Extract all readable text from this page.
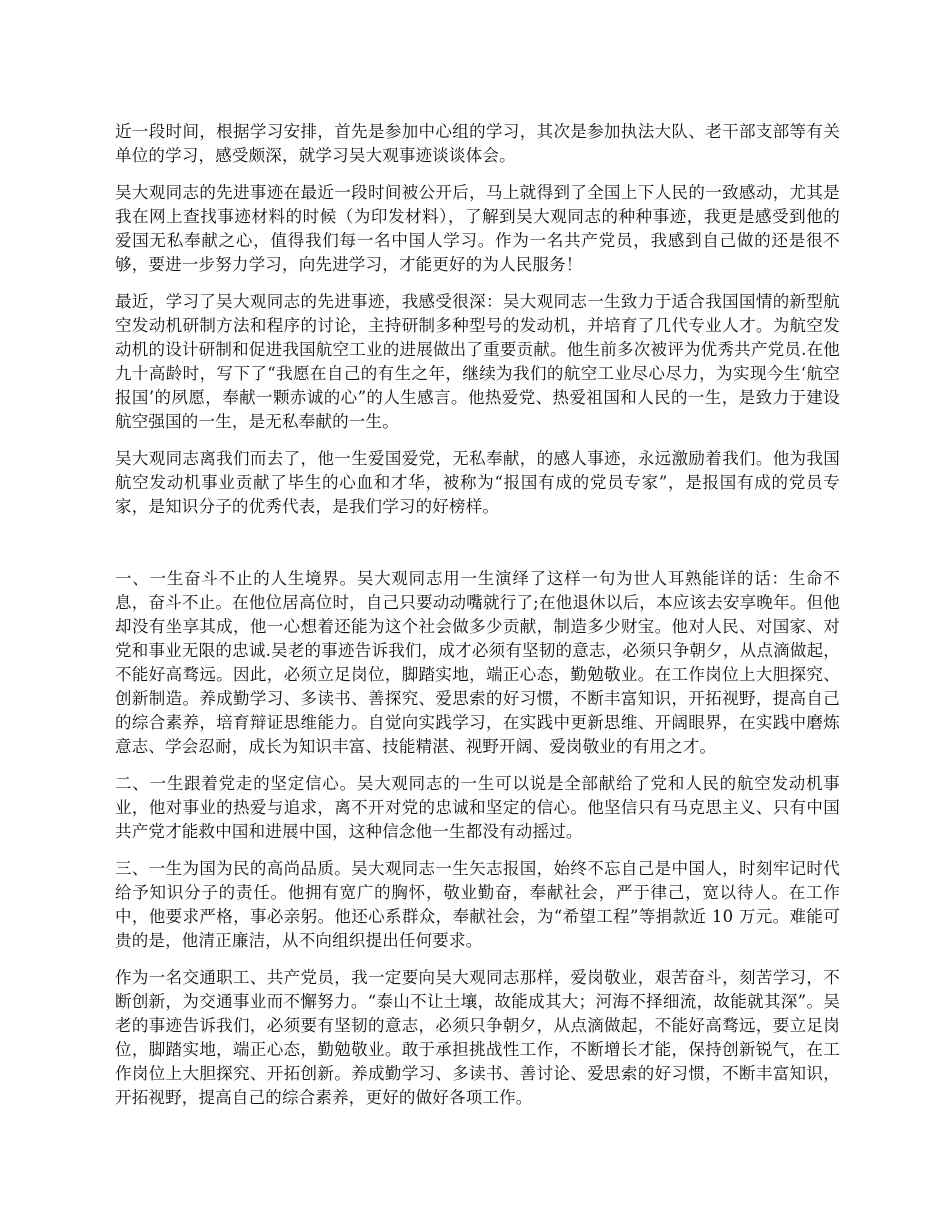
近一段时间，根据学习安排，首先是参加中心组的学习，其次是参加执法大队、老干部支部等有关单位的学习，感受颇深，就学习吴大观事迹谈谈体会。

吴大观同志的先进事迹在最近一段时间被公开后，马上就得到了全国上下人民的一致感动，尤其是我在网上查找事迹材料的时候（为印发材料），了解到吴大观同志的种种事迹，我更是感受到他的爱国无私奉献之心，值得我们每一名中国人学习。作为一名共产党员，我感到自己做的还是很不够，要进一步努力学习，向先进学习，才能更好的为人民服务！

最近，学习了吴大观同志的先进事迹，我感受很深：吴大观同志一生致力于适合我国国情的新型航空发动机研制方法和程序的讨论，主持研制多种型号的发动机，并培育了几代专业人才。为航空发动机的设计研制和促进我国航空工业的进展做出了重要贡献。他生前多次被评为优秀共产党员.在他九十高龄时，写下了“我愿在自己的有生之年，继续为我们的航空工业尽心尽力，为实现今生‘航空报国’的夙愿，奉献一颗赤诚的心”的人生感言。他热爱党、热爱祖国和人民的一生，是致力于建设航空强国的一生，是无私奉献的一生。

吴大观同志离我们而去了，他一生爱国爱党，无私奉献，的感人事迹，永远激励着我们。他为我国航空发动机事业贡献了毕生的心血和才华，被称为“报国有成的党员专家”，是报国有成的党员专家，是知识分子的优秀代表，是我们学习的好榜样。

一、一生奋斗不止的人生境界。吴大观同志用一生演绎了这样一句为世人耳熟能详的话：生命不息，奋斗不止。在他位居高位时，自己只要动动嘴就行了;在他退休以后，本应该去安享晚年。但他却没有坐享其成，他一心想着还能为这个社会做多少贡献，制造多少财宝。他对人民、对国家、对党和事业无限的忠诚.吴老的事迹告诉我们，成才必须有坚韧的意志，必须只争朝夕，从点滴做起，不能好高骛远。因此，必须立足岗位，脚踏实地，端正心态，勤勉敬业。在工作岗位上大胆探究、创新制造。养成勤学习、多读书、善探究、爱思索的好习惯，不断丰富知识，开拓视野，提高自己的综合素养，培育辩证思维能力。自觉向实践学习，在实践中更新思维、开阔眼界，在实践中磨炼意志、学会忍耐，成长为知识丰富、技能精湛、视野开阔、爱岗敬业的有用之才。

二、一生跟着党走的坚定信心。吴大观同志的一生可以说是全部献给了党和人民的航空发动机事业，他对事业的热爱与追求，离不开对党的忠诚和坚定的信心。他坚信只有马克思主义、只有中国共产党才能救中国和进展中国，这种信念他一生都没有动摇过。

三、一生为国为民的高尚品质。吴大观同志一生矢志报国，始终不忘自己是中国人，时刻牢记时代给予知识分子的责任。他拥有宽广的胸怀，敬业勤奋，奉献社会，严于律己，宽以待人。在工作中，他要求严格，事必亲躬。他还心系群众，奉献社会，为“希望工程”等捐款近 10 万元。难能可贵的是，他清正廉洁，从不向组织提出任何要求。

作为一名交通职工、共产党员，我一定要向吴大观同志那样，爱岗敬业，艰苦奋斗，刻苦学习，不断创新，为交通事业而不懈努力。“泰山不让土壤，故能成其大；河海不择细流，故能就其深”。吴老的事迹告诉我们，必须要有坚韧的意志，必须只争朝夕，从点滴做起，不能好高骛远，要立足岗位，脚踏实地，端正心态，勤勉敬业。敢于承担挑战性工作，不断增长才能，保持创新锐气，在工作岗位上大胆探究、开拓创新。养成勤学习、多读书、善讨论、爱思索的好习惯，不断丰富知识，开拓视野，提高自己的综合素养，更好的做好各项工作。
